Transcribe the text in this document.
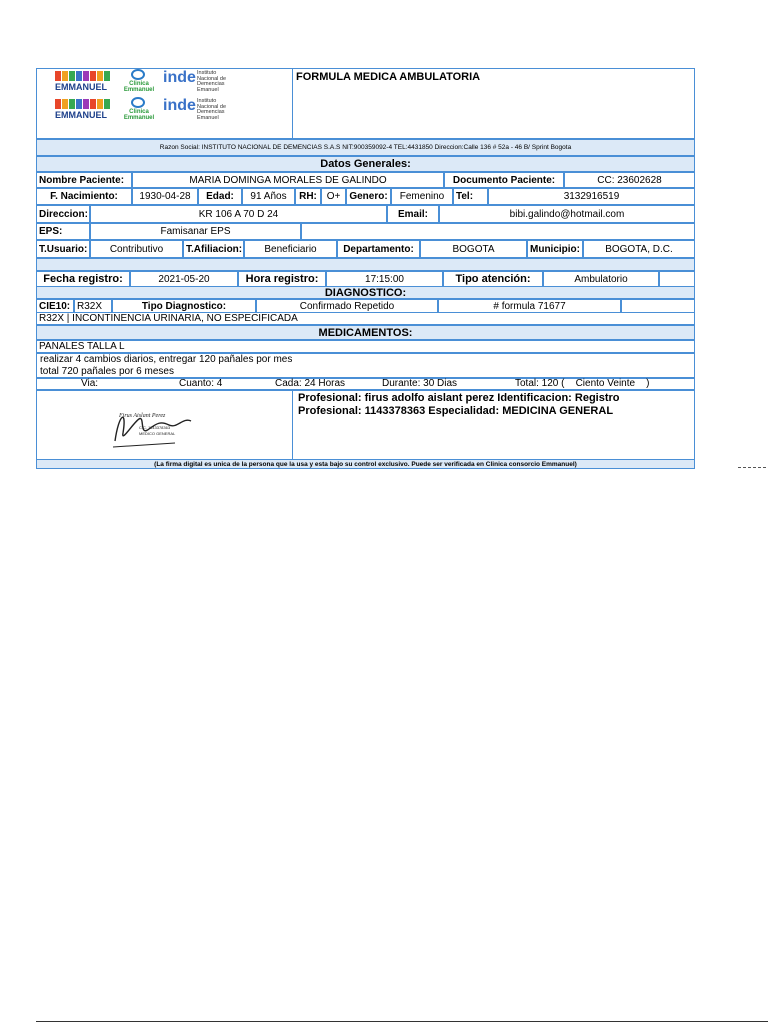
EMMANUEL	Clinica Emmanuel
inde Instituto
Nacional de
Demencias
Emanuel
EMMANUEL	Clinica Emmanuel
inde Instituto
Nacional de
Demencias
Emanuel
FORMULA MEDICA AMBULATORIA
Razon Social: INSTITUTO NACIONAL DE DEMENCIAS S.A.S NIT:900359092-4 TEL:4431850 Direccion:Calle 136 # 52a - 46 B/ Sprint Bogota
Datos Generales:
Nombre Paciente:	MARIA DOMINGA MORALES DE GALINDO	Documento Paciente:	CC: 23602628
F. Nacimiento:	1930-04-28	Edad:	91 Años	RH: O+ Genero:	Femenino	Tel:	3132916519
Direccion:	KR 106 A 70 D 24	Email:	bibi.galindo@hotmail.com
EPS:	Famisanar EPS
T.Usuario:	Contributivo	T.Afiliacion:	Beneficiario	Departamento:	BOGOTA	Municipio:	BOGOTA, D.C.
Fecha registro:	2021-05-20	Hora registro:	17:15:00	Tipo atención:	Ambulatorio
DIAGNOSTICO:
CIE10: R32X	Tipo Diagnostico:	Confirmado Repetido	# formula 71677
R32X | INCONTINENCIA URINARIA, NO ESPECIFICADA
MEDICAMENTOS:
PANALES TALLA L
realizar 4 cambios diarios, entregar 120 pañales por mes
total 720 pañales por 6 meses
Via:	Cuanto: 4	Cada: 24 Horas	Durante: 30 Dias	Total: 120 (    Ciento Veinte    )
Firus Aislant Perez
C.C. 1143378363
MEDICO GENERAL
Profesional: firus adolfo aislant perez Identificacion: Registro
Profesional: 1143378363 Especialidad: MEDICINA GENERAL
(La firma digital es unica de la persona que la usa y esta bajo su control exclusivo. Puede ser verificada en Clinica consorcio Emmanuel)
